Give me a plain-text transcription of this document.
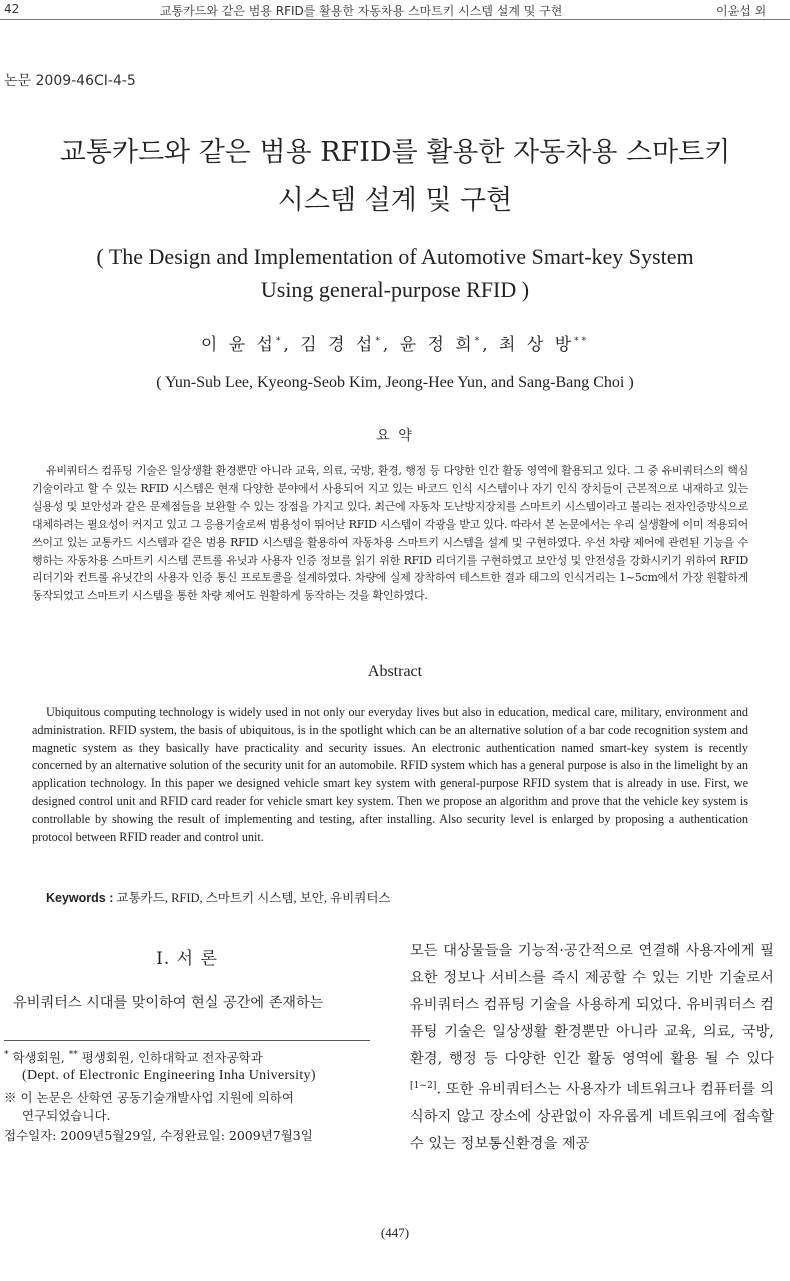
42	교통카드와 같은 범용 RFID를 활용한 자동차용 스마트키 시스템 설계 및 구현	이윤섭 외
논문 2009-46CI-4-5
교통카드와 같은 범용 RFID를 활용한 자동차용 스마트키
시스템 설계 및 구현
( The Design and Implementation of Automotive Smart-key System
Using general-purpose RFID )
이 윤 섭*, 김 경 섭*, 윤 정 희*, 최 상 방**
( Yun-Sub Lee, Kyeong-Seob Kim, Jeong-Hee Yun, and Sang-Bang Choi )
요 약
유비쿼터스 컴퓨팅 기술은 일상생활 환경뿐만 아니라 교육, 의료, 국방, 환경, 행정 등 다양한 인간 활동 영역에 활용되고 있다. 그 중 유비쿼터스의 핵심기술이라고 할 수 있는 RFID 시스템은 현재 다양한 분야에서 사용되어 지고 있는 바코드 인식 시스템이나 자기 인식 장치들이 근본적으로 내재하고 있는 실용성 및 보안성과 같은 문제점들을 보완할 수 있는 장점을 가지고 있다. 최근에 자동차 도난방지장치를 스마트키 시스템이라고 불리는 전자인증방식으로 대체하려는 필요성이 커지고 있고 그 응용기술로써 범용성이 뛰어난 RFID 시스템이 각광을 받고 있다. 따라서 본 논문에서는 우리 실생활에 이미 적용되어 쓰이고 있는 교통카드 시스템과 같은 범용 RFID 시스템을 활용하여 자동차용 스마트키 시스템을 설계 및 구현하였다. 우선 차량 제어에 관련된 기능을 수행하는 자동차용 스마트키 시스템 콘트롤 유닛과 사용자 인증 정보를 읽기 위한 RFID 리더기를 구현하였고 보안성 및 안전성을 강화시키기 위하여 RFID 리더기와 컨트롤 유닛간의 사용자 인증 통신 프로토콜을 설계하였다. 차량에 실제 장착하여 테스트한 결과 태그의 인식거리는 1~5cm에서 가장 원활하게 동작되었고 스마트키 시스템을 통한 차량 제어도 원활하게 동작하는 것을 확인하였다.
Abstract
Ubiquitous computing technology is widely used in not only our everyday lives but also in education, medical care, military, environment and administration. RFID system, the basis of ubiquitous, is in the spotlight which can be an alternative solution of a bar code recognition system and magnetic system as they basically have practicality and security issues. An electronic authentication named smart-key system is recently concerned by an alternative solution of the security unit for an automobile. RFID system which has a general purpose is also in the limelight by an application technology. In this paper we designed vehicle smart key system with general-purpose RFID system that is already in use. First, we designed control unit and RFID card reader for vehicle smart key system. Then we propose an algorithm and prove that the vehicle key system is controllable by showing the result of implementing and testing, after installing. Also security level is enlarged by proposing a authentication protocol between RFID reader and control unit.
Keywords : 교통카드, RFID, 스마트키 시스템, 보안, 유비쿼터스
I. 서 론
유비쿼터스 시대를 맞이하여 현실 공간에 존재하는
* 학생회원, ** 평생회원, 인하대학교 전자공학과
(Dept. of Electronic Engineering Inha University)
※ 이 논문은 산학연 공동기술개발사업 지원에 의하여
연구되었습니다.
접수일자: 2009년5월29일, 수정완료일: 2009년7월3일
모든 대상물들을 기능적·공간적으로 연결해 사용자에게 필요한 정보나 서비스를 즉시 제공할 수 있는 기반 기술로서 유비쿼터스 컴퓨팅 기술을 사용하게 되었다. 유비쿼터스 컴퓨팅 기술은 일상생활 환경뿐만 아니라 교육, 의료, 국방, 환경, 행정 등 다양한 인간 활동 영역에 활용 될 수 있다[1~2]. 또한 유비쿼터스는 사용자가 네트워크나 컴퓨터를 의식하지 않고 장소에 상관없이 자유롭게 네트워크에 접속할 수 있는 정보통신환경을 제공
(447)
